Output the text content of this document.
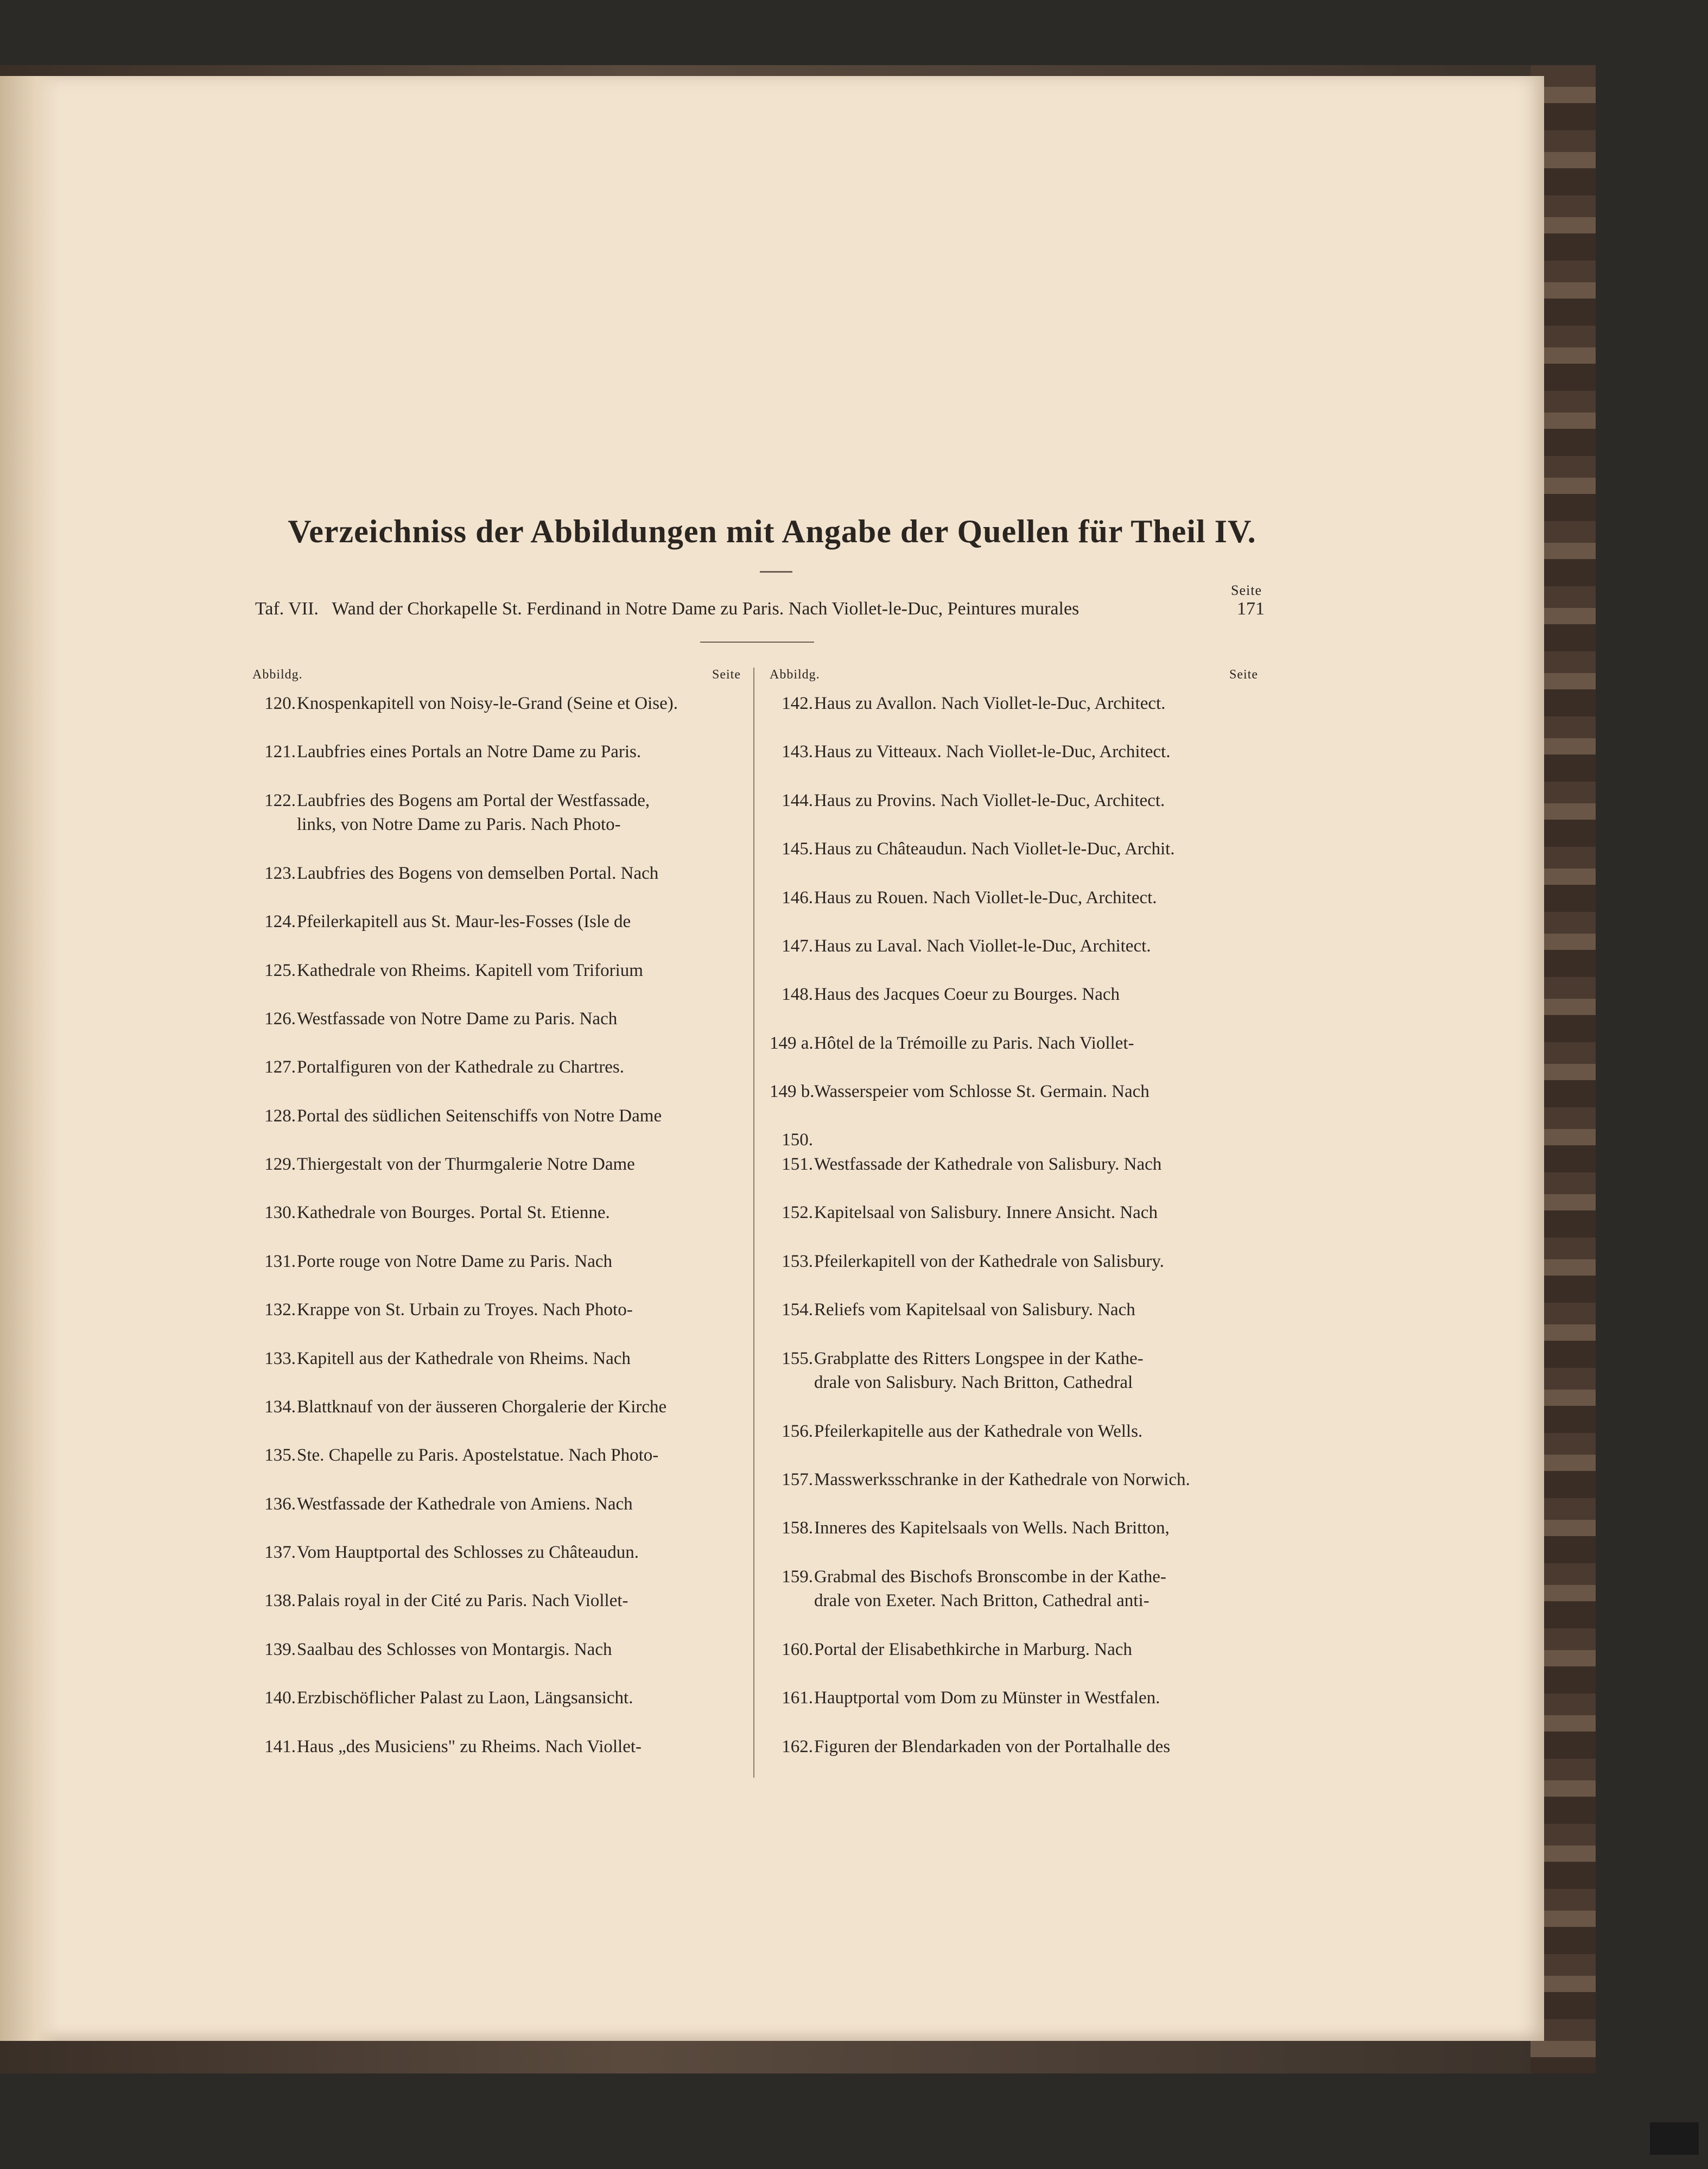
Verzeichniss der Abbildungen mit Angabe der Quellen für Theil IV.
Seite
Taf. VII. Wand der Chorkapelle St. Ferdinand in Notre Dame zu Paris. Nach Viollet-le-Duc, Peintures murales	171
Abbildg.	Seite
120. Knospenkapitell von Noisy-le-Grand (Seine et Oise).
121. Laubfries eines Portals an Notre Dame zu Paris.
122. Laubfries des Bogens am Portal der Westfassade,
links, von Notre Dame zu Paris. Nach Photo-
123. Laubfries des Bogens von demselben Portal. Nach
124. Pfeilerkapitell aus St. Maur-les-Fosses (Isle de
125. Kathedrale von Rheims. Kapitell vom Triforium
126. Westfassade von Notre Dame zu Paris. Nach
127. Portalfiguren von der Kathedrale zu Chartres.
128. Portal des südlichen Seitenschiffs von Notre Dame
129. Thiergestalt von der Thurmgalerie Notre Dame
130. Kathedrale von Bourges. Portal St. Etienne.
131. Porte rouge von Notre Dame zu Paris. Nach
132. Krappe von St. Urbain zu Troyes. Nach Photo-
133. Kapitell aus der Kathedrale von Rheims. Nach
134. Blattknauf von der äusseren Chorgalerie der Kirche
135. Ste. Chapelle zu Paris. Apostelstatue. Nach Photo-
136. Westfassade der Kathedrale von Amiens. Nach
137. Vom Hauptportal des Schlosses zu Châteaudun.
138. Palais royal in der Cité zu Paris. Nach Viollet-
139. Saalbau des Schlosses von Montargis. Nach
140. Erzbischöflicher Palast zu Laon, Längsansicht.
141. Haus „des Musiciens" zu Rheims. Nach Viollet-
Abbildg.	Seite
142. Haus zu Avallon. Nach Viollet-le-Duc, Architect.
143. Haus zu Vitteaux. Nach Viollet-le-Duc, Architect.
144. Haus zu Provins. Nach Viollet-le-Duc, Architect.
145. Haus zu Châteaudun. Nach Viollet-le-Duc, Archit.
146. Haus zu Rouen. Nach Viollet-le-Duc, Architect.
147. Haus zu Laval. Nach Viollet-le-Duc, Architect.
148. Haus des Jacques Coeur zu Bourges. Nach
149 a. Hôtel de la Trémoille zu Paris. Nach Viollet-
149 b. Wasserspeier vom Schlosse St. Germain. Nach
150.
151. Westfassade der Kathedrale von Salisbury. Nach
152. Kapitelsaal von Salisbury. Innere Ansicht. Nach
153. Pfeilerkapitell von der Kathedrale von Salisbury.
154. Reliefs vom Kapitelsaal von Salisbury. Nach
155. Grabplatte des Ritters Longspee in der Kathe-
drale von Salisbury. Nach Britton, Cathedral
156. Pfeilerkapitelle aus der Kathedrale von Wells.
157. Masswerksschranke in der Kathedrale von Norwich.
158. Inneres des Kapitelsaals von Wells. Nach Britton,
159. Grabmal des Bischofs Bronscombe in der Kathe-
drale von Exeter. Nach Britton, Cathedral anti-
160. Portal der Elisabethkirche in Marburg. Nach
161. Hauptportal vom Dom zu Münster in Westfalen.
162. Figuren der Blendarkaden von der Portalhalle des
